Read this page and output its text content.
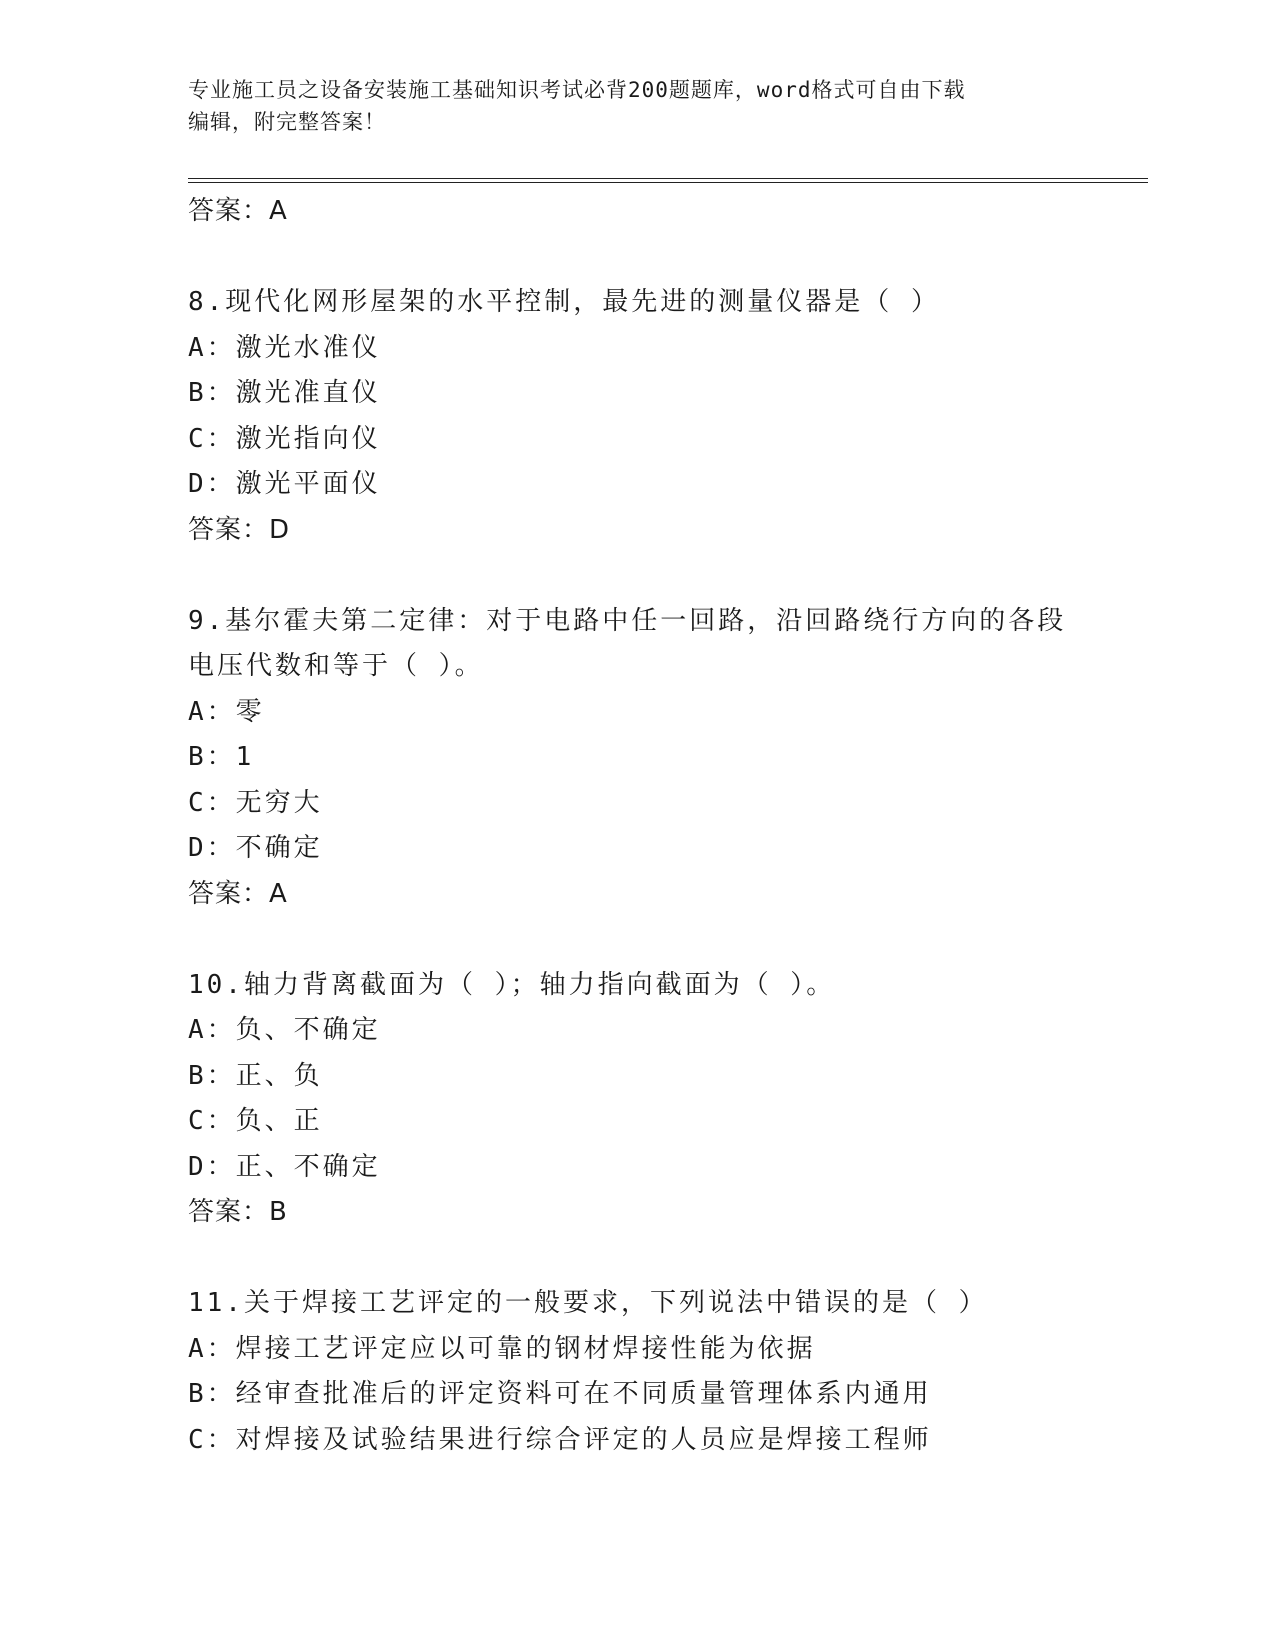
专业施工员之设备安装施工基础知识考试必背200题题库，word格式可自由下载
编辑，附完整答案！
答案：A
8.现代化网形屋架的水平控制，最先进的测量仪器是（ ）
A：激光水准仪
B：激光准直仪
C：激光指向仪
D：激光平面仪
答案：D
9.基尔霍夫第二定律：对于电路中任一回路，沿回路绕行方向的各段
电压代数和等于（ ）。
A：零
B：1
C：无穷大
D：不确定
答案：A
10.轴力背离截面为（ ）；轴力指向截面为（ ）。
A：负、不确定
B：正、负
C：负、正
D：正、不确定
答案：B
11.关于焊接工艺评定的一般要求，下列说法中错误的是（ ）
A：焊接工艺评定应以可靠的钢材焊接性能为依据
B：经审查批准后的评定资料可在不同质量管理体系内通用
C：对焊接及试验结果进行综合评定的人员应是焊接工程师
